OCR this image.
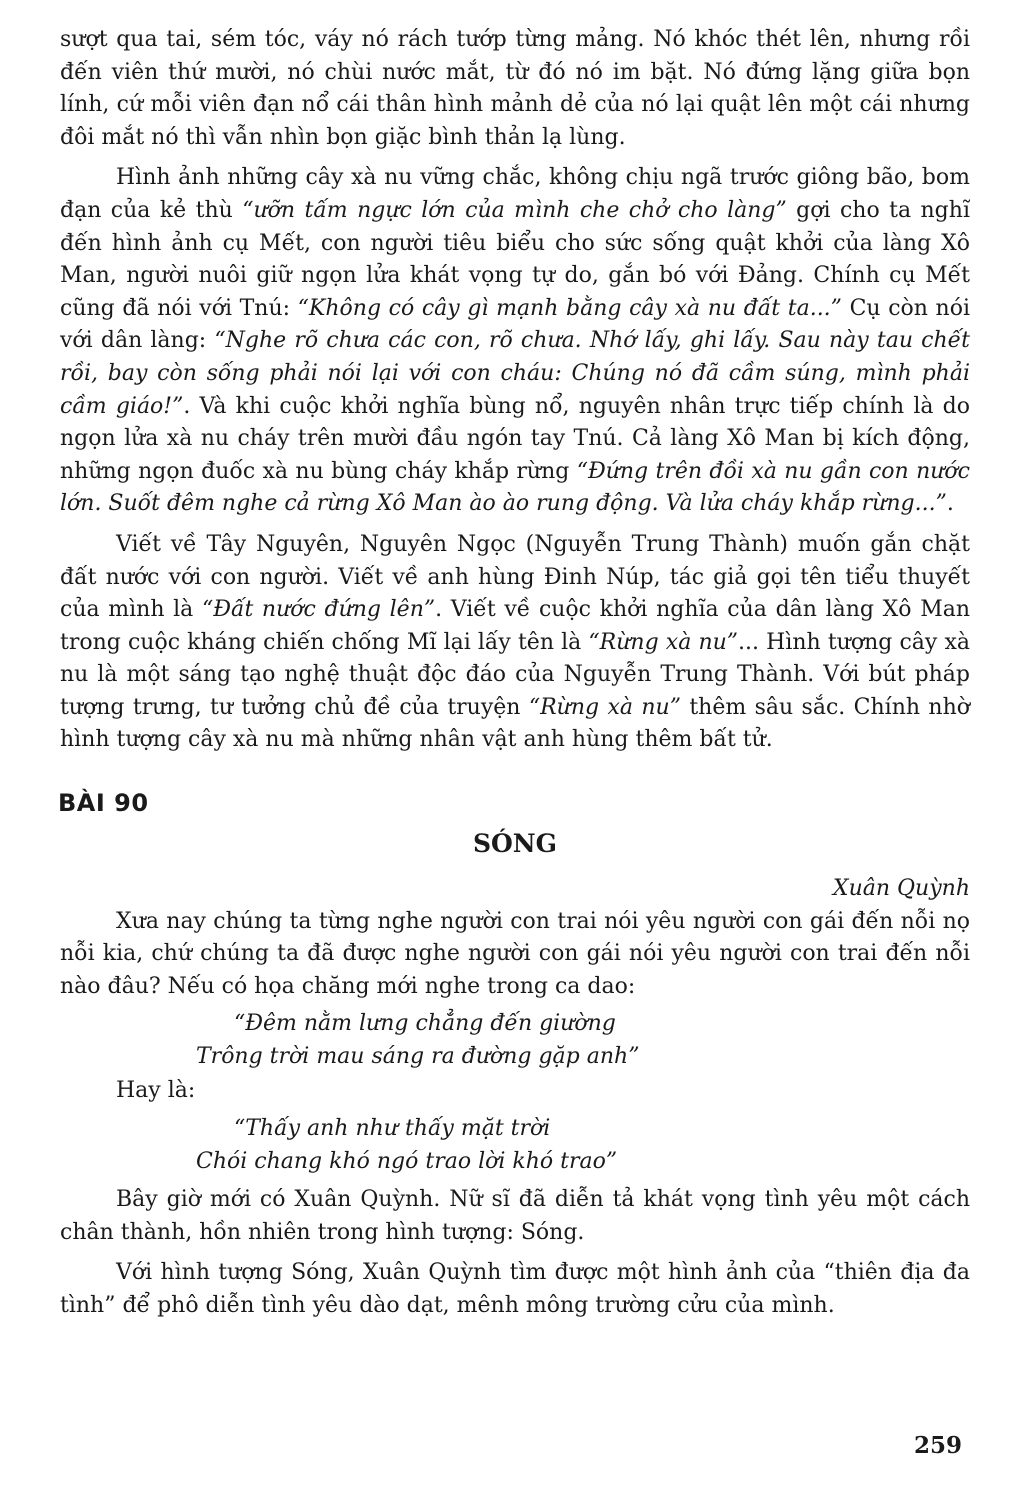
sượt qua tai, sém tóc, váy nó rách tướp từng mảng. Nó khóc thét lên, nhưng rồi đến viên thứ mười, nó chùi nước mắt, từ đó nó im bặt. Nó đứng lặng giữa bọn lính, cứ mỗi viên đạn nổ cái thân hình mảnh dẻ của nó lại quật lên một cái nhưng đôi mắt nó thì vẫn nhìn bọn giặc bình thản lạ lùng.

Hình ảnh những cây xà nu vững chắc, không chịu ngã trước giông bão, bom đạn của kẻ thù “ưỡn tấm ngực lớn của mình che chở cho làng” gợi cho ta nghĩ đến hình ảnh cụ Mết, con người tiêu biểu cho sức sống quật khởi của làng Xô Man, người nuôi giữ ngọn lửa khát vọng tự do, gắn bó với Đảng. Chính cụ Mết cũng đã nói với Tnú: “Không có cây gì mạnh bằng cây xà nu đất ta...” Cụ còn nói với dân làng: “Nghe rõ chưa các con, rõ chưa. Nhớ lấy, ghi lấy. Sau này tau chết rồi, bay còn sống phải nói lại với con cháu: Chúng nó đã cầm súng, mình phải cầm giáo!”. Và khi cuộc khởi nghĩa bùng nổ, nguyên nhân trực tiếp chính là do ngọn lửa xà nu cháy trên mười đầu ngón tay Tnú. Cả làng Xô Man bị kích động, những ngọn đuốc xà nu bùng cháy khắp rừng “Đứng trên đồi xà nu gần con nước lớn. Suốt đêm nghe cả rừng Xô Man ào ào rung động. Và lửa cháy khắp rừng...”.

Viết về Tây Nguyên, Nguyên Ngọc (Nguyễn Trung Thành) muốn gắn chặt đất nước với con người. Viết về anh hùng Đinh Núp, tác giả gọi tên tiểu thuyết của mình là “Đất nước đứng lên”. Viết về cuộc khởi nghĩa của dân làng Xô Man trong cuộc kháng chiến chống Mĩ lại lấy tên là “Rừng xà nu”... Hình tượng cây xà nu là một sáng tạo nghệ thuật độc đáo của Nguyễn Trung Thành. Với bút pháp tượng trưng, tư tưởng chủ đề của truyện “Rừng xà nu” thêm sâu sắc. Chính nhờ hình tượng cây xà nu mà những nhân vật anh hùng thêm bất tử.

BÀI 90
SÓNG
Xuân Quỳnh

Xưa nay chúng ta từng nghe người con trai nói yêu người con gái đến nỗi nọ nỗi kia, chứ chúng ta đã được nghe người con gái nói yêu người con trai đến nỗi nào đâu? Nếu có họa chăng mới nghe trong ca dao:

“Đêm nằm lưng chẳng đến giường
Trông trời mau sáng ra đường gặp anh”

Hay là:

“Thấy anh như thấy mặt trời
Chói chang khó ngó trao lời khó trao”

Bây giờ mới có Xuân Quỳnh. Nữ sĩ đã diễn tả khát vọng tình yêu một cách chân thành, hồn nhiên trong hình tượng: Sóng.

Với hình tượng Sóng, Xuân Quỳnh tìm được một hình ảnh của “thiên địa đa tình” để phô diễn tình yêu dào dạt, mênh mông trường cửu của mình.

259
